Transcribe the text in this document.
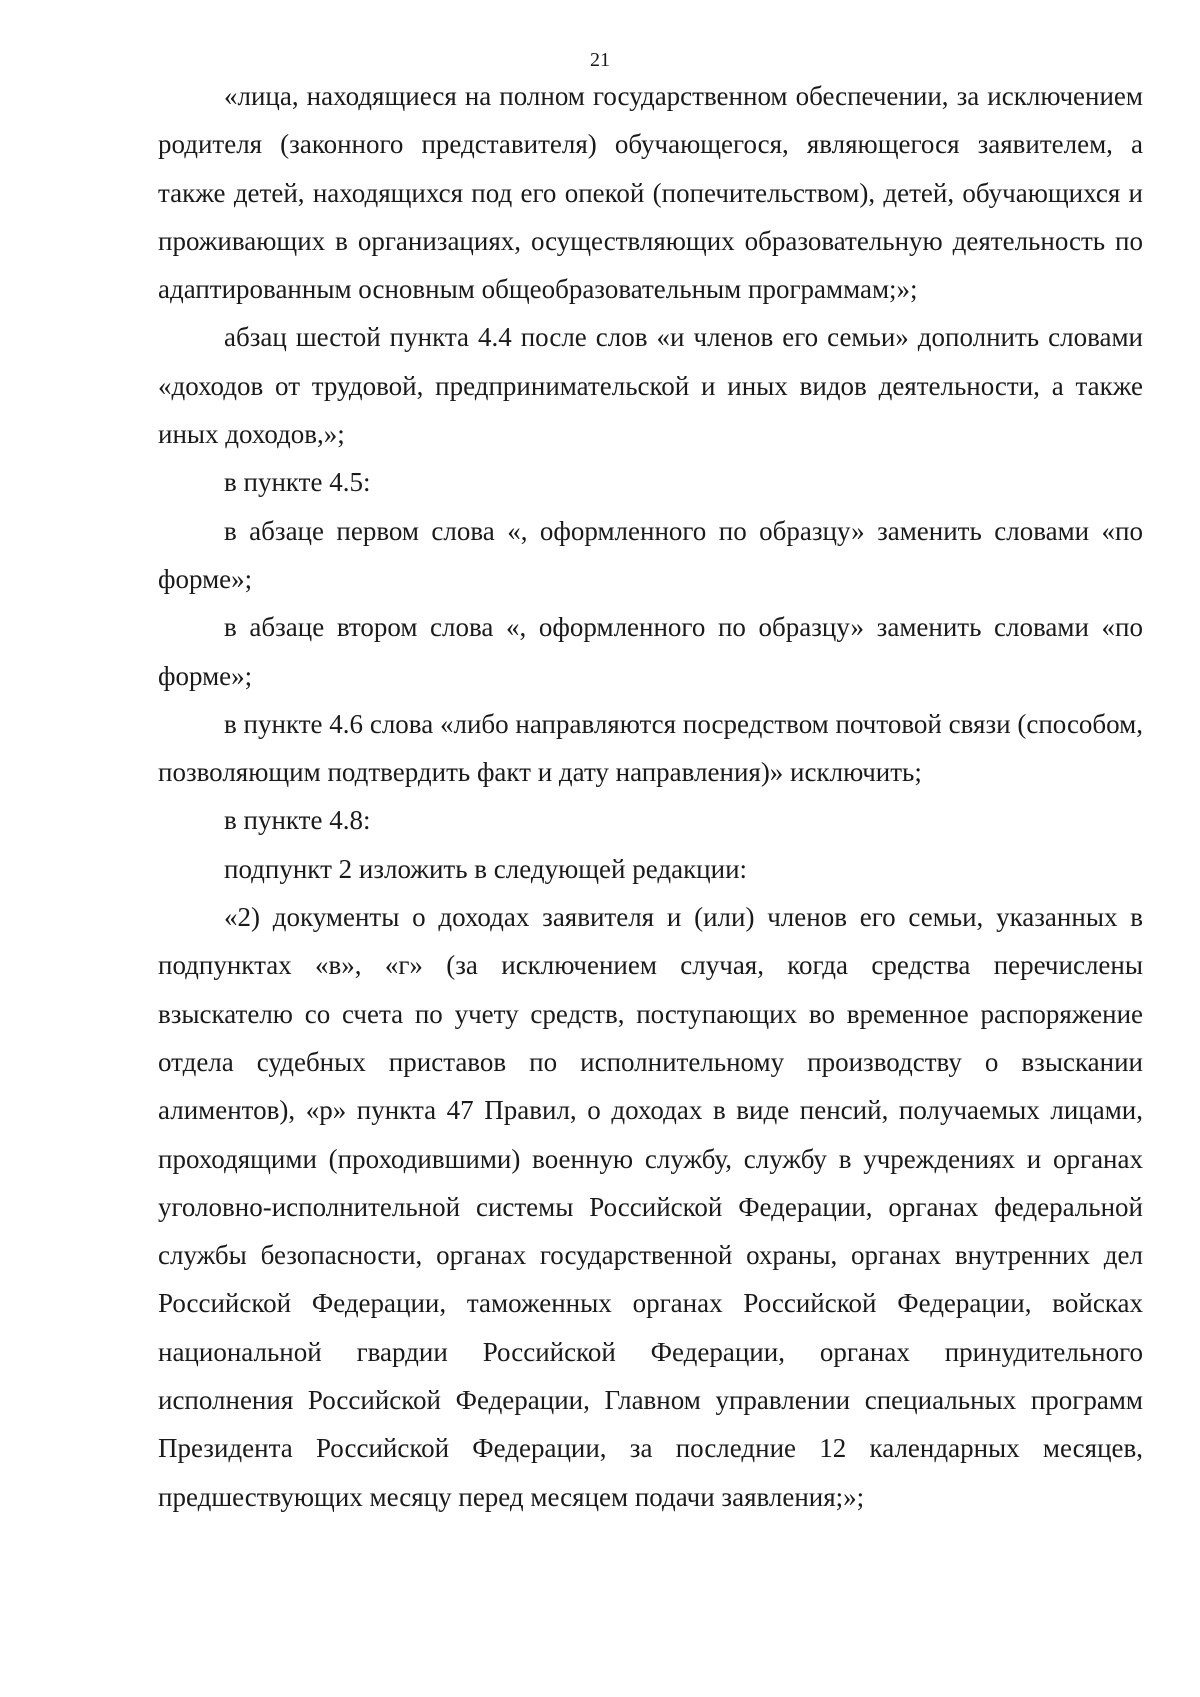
21

«лица, находящиеся на полном государственном обеспечении, за исключением родителя (законного представителя) обучающегося, являющегося заявителем, а также детей, находящихся под его опекой (попечительством), детей, обучающихся и проживающих в организациях, осуществляющих образовательную деятельность по адаптированным основным общеобразовательным программам;»;

абзац шестой пункта 4.4 после слов «и членов его семьи» дополнить словами «доходов от трудовой, предпринимательской и иных видов деятельности, а также иных доходов,»;

в пункте 4.5:

в абзаце первом слова «, оформленного по образцу» заменить словами «по форме»;

в абзаце втором слова «, оформленного по образцу» заменить словами «по форме»;

в пункте 4.6 слова «либо направляются посредством почтовой связи (способом, позволяющим подтвердить факт и дату направления)» исключить;

в пункте 4.8:

подпункт 2 изложить в следующей редакции:

«2) документы о доходах заявителя и (или) членов его семьи, указанных в подпунктах «в», «г» (за исключением случая, когда средства перечислены взыскателю со счета по учету средств, поступающих во временное распоряжение отдела судебных приставов по исполнительному производству о взыскании алиментов), «р» пункта 47 Правил, о доходах в виде пенсий, получаемых лицами, проходящими (проходившими) военную службу, службу в учреждениях и органах уголовно-исполнительной системы Российской Федерации, органах федеральной службы безопасности, органах государственной охраны, органах внутренних дел Российской Федерации, таможенных органах Российской Федерации, войсках национальной гвардии Российской Федерации, органах принудительного исполнения Российской Федерации, Главном управлении специальных программ Президента Российской Федерации, за последние 12 календарных месяцев, предшествующих месяцу перед месяцем подачи заявления;»;
